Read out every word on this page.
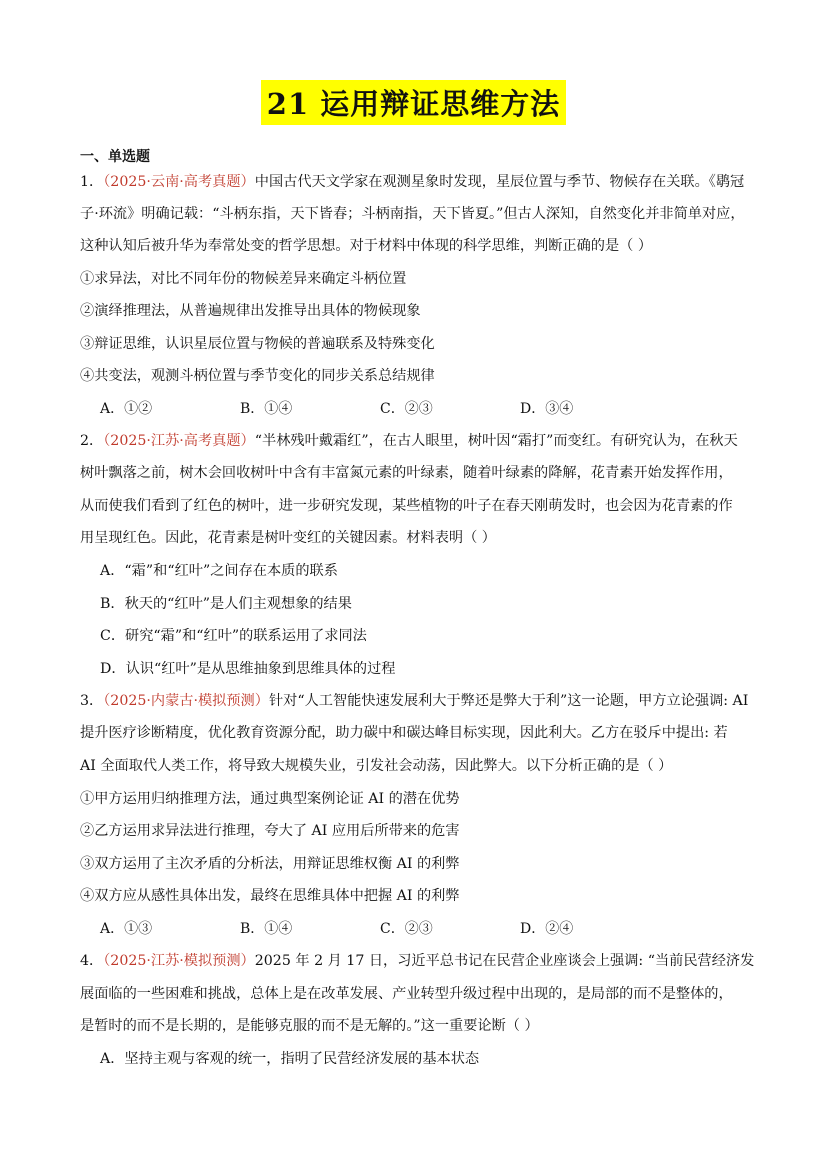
21 运用辩证思维方法
一、单选题
1．（2025·云南·高考真题）中国古代天文学家在观测星象时发现，星辰位置与季节、物候存在关联。《鹖冠
子·环流》明确记载：“斗柄东指，天下皆春；斗柄南指，天下皆夏。”但古人深知，自然变化并非简单对应，
这种认知后被升华为奉常处变的哲学思想。对于材料中体现的科学思维，判断正确的是（ ）
①求异法，对比不同年份的物候差异来确定斗柄位置
②演绎推理法，从普遍规律出发推导出具体的物候现象
③辩证思维，认识星辰位置与物候的普遍联系及特殊变化
④共变法，观测斗柄位置与季节变化的同步关系总结规律
A．①②	B．①④	C．②③	D．③④
2．（2025·江苏·高考真题）“半林残叶戴霜红”，在古人眼里，树叶因“霜打”而变红。有研究认为，在秋天
树叶飘落之前，树木会回收树叶中含有丰富氮元素的叶绿素，随着叶绿素的降解，花青素开始发挥作用，
从而使我们看到了红色的树叶，进一步研究发现，某些植物的叶子在春天刚萌发时，也会因为花青素的作
用呈现红色。因此，花青素是树叶变红的关键因素。材料表明（ ）
A．“霜”和“红叶”之间存在本质的联系
B．秋天的“红叶”是人们主观想象的结果
C．研究“霜”和“红叶”的联系运用了求同法
D．认识“红叶”是从思维抽象到思维具体的过程
3．（2025·内蒙古·模拟预测）针对“人工智能快速发展利大于弊还是弊大于利”这一论题，甲方立论强调: AI
提升医疗诊断精度，优化教育资源分配，助力碳中和碳达峰目标实现，因此利大。乙方在驳斥中提出: 若
AI 全面取代人类工作，将导致大规模失业，引发社会动荡，因此弊大。以下分析正确的是（ ）
①甲方运用归纳推理方法，通过典型案例论证 AI 的潜在优势
②乙方运用求异法进行推理，夸大了 AI 应用后所带来的危害
③双方运用了主次矛盾的分析法，用辩证思维权衡 AI 的利弊
④双方应从感性具体出发，最终在思维具体中把握 AI 的利弊
A．①③	B．①④	C．②③	D．②④
4．（2025·江苏·模拟预测）2025 年 2 月 17 日，习近平总书记在民营企业座谈会上强调: “当前民营经济发
展面临的一些困难和挑战，总体上是在改革发展、产业转型升级过程中出现的，是局部的而不是整体的，
是暂时的而不是长期的，是能够克服的而不是无解的。”这一重要论断（ ）
A．坚持主观与客观的统一，指明了民营经济发展的基本状态
